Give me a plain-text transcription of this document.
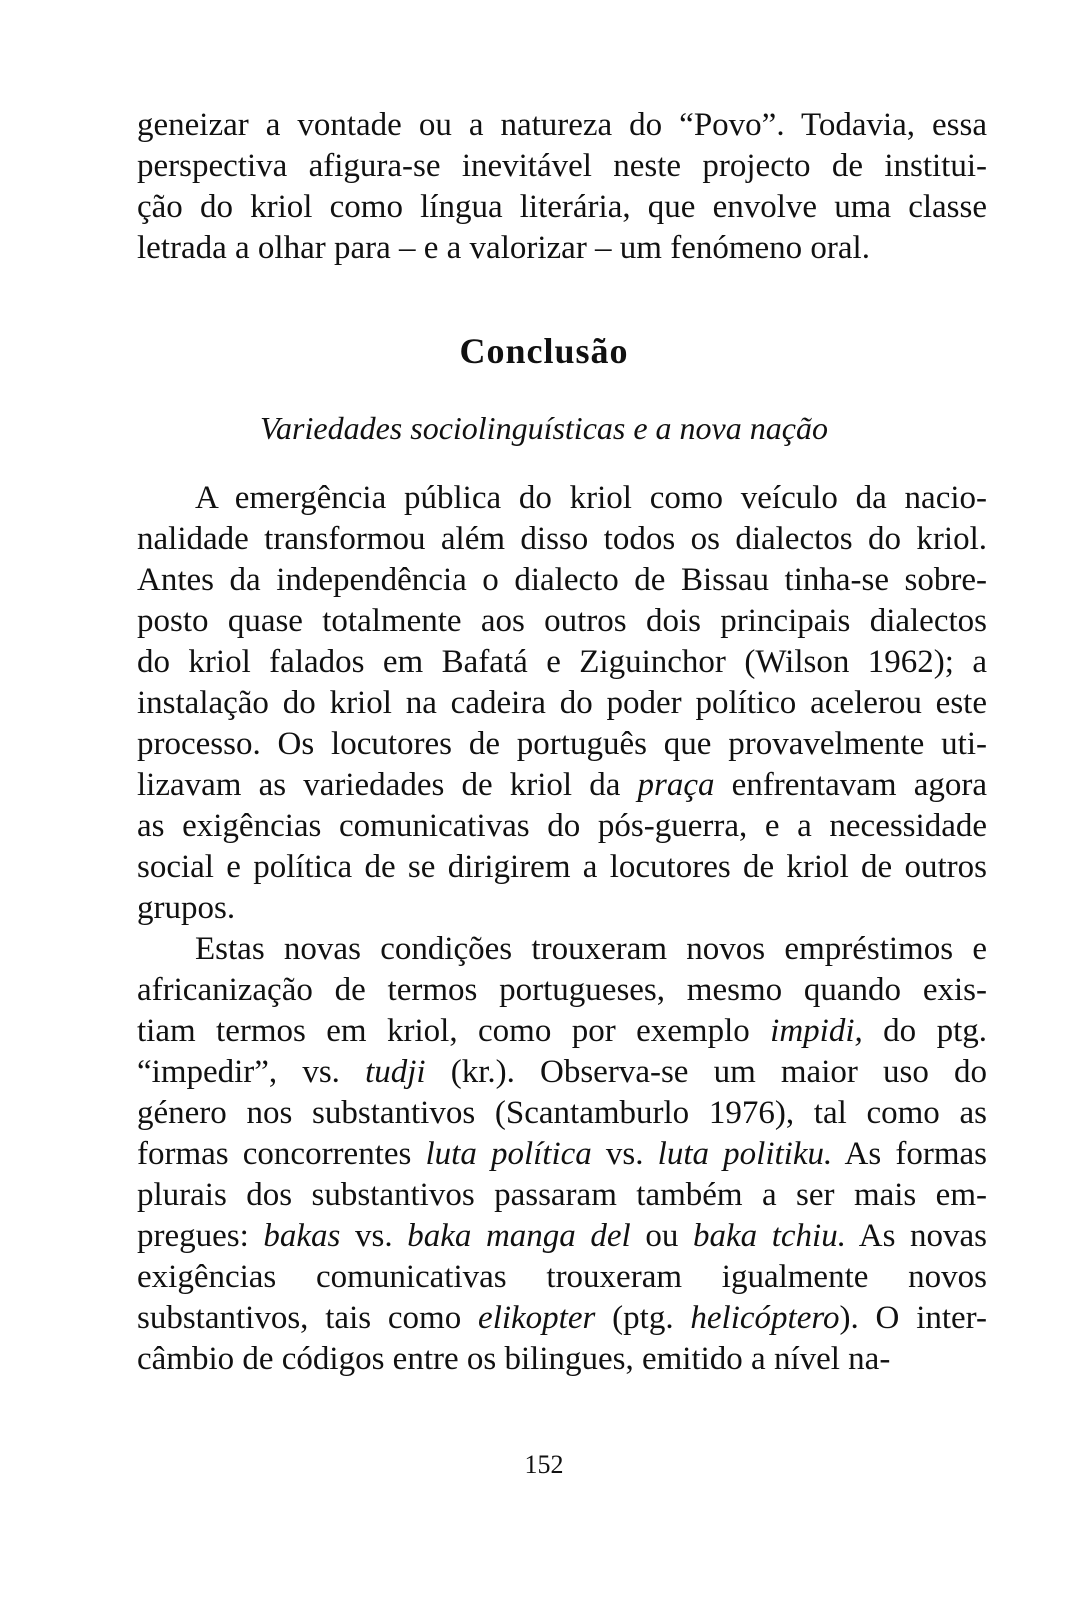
geneizar a vontade ou a natureza do “Povo”. Todavia, essa
perspectiva afigura-se inevitável neste projecto de institui-
ção do kriol como língua literária, que envolve uma classe
letrada a olhar para – e a valorizar – um fenómeno oral.
Conclusão
Variedades sociolinguísticas e a nova nação
A emergência pública do kriol como veículo da nacio-
nalidade transformou além disso todos os dialectos do kriol.
Antes da independência o dialecto de Bissau tinha-se sobre-
posto quase totalmente aos outros dois principais dialectos
do kriol falados em Bafatá e Ziguinchor (Wilson 1962); a
instalação do kriol na cadeira do poder político acelerou este
processo. Os locutores de português que provavelmente uti-
lizavam as variedades de kriol da praça enfrentavam agora
as exigências comunicativas do pós-guerra, e a necessidade
social e política de se dirigirem a locutores de kriol de outros
grupos.
Estas novas condições trouxeram novos empréstimos e
africanização de termos portugueses, mesmo quando exis-
tiam termos em kriol, como por exemplo impidi, do ptg.
“impedir”, vs. tudji (kr.). Observa-se um maior uso do
género nos substantivos (Scantamburlo 1976), tal como as
formas concorrentes luta política vs. luta politiku. As formas
plurais dos substantivos passaram também a ser mais em-
pregues: bakas vs. baka manga del ou baka tchiu. As novas
exigências comunicativas trouxeram igualmente novos
substantivos, tais como elikopter (ptg. helicóptero). O inter-
câmbio de códigos entre os bilingues, emitido a nível na-
152
